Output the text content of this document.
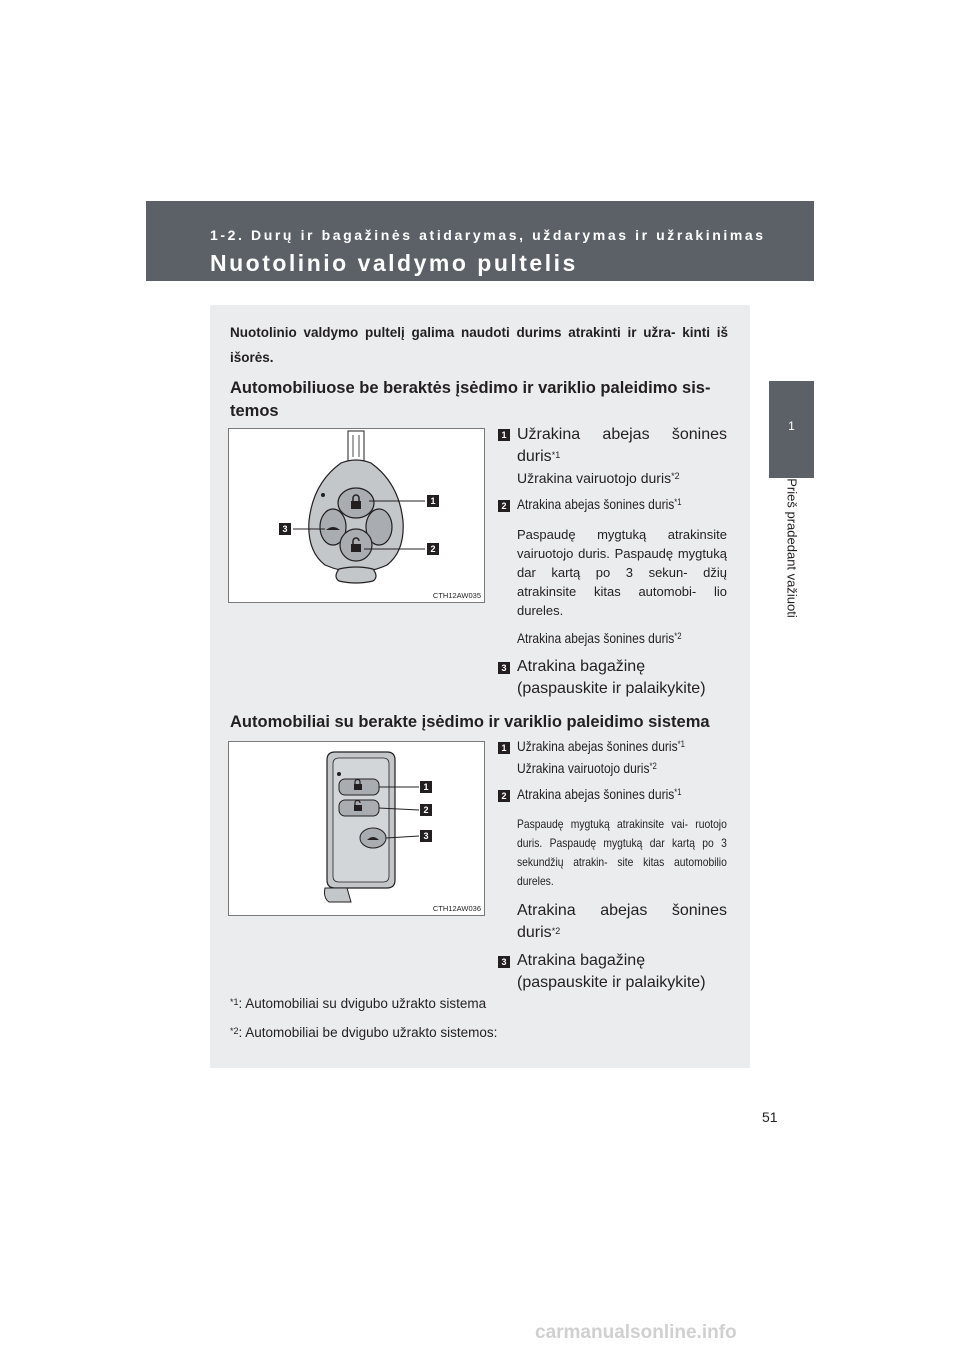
1-2. Durų ir bagažinės atidarymas, uždarymas ir užrakinimas
Nuotolinio valdymo pultelis
1
Prieš pradedant važiuoti
Nuotolinio valdymo pultelį galima naudoti durims atrakinti ir užra- kinti iš išorės.
Automobiliuose be beraktės įsėdimo ir variklio paleidimo sis- temos
1
2
3
CTH12AW035
1 Užrakina abejas šonines duris$^{*1}$
Užrakina vairuotojo duris$^{*2}$
2 Atrakina abejas šonines duris$^{*1}$
Paspaudę mygtuką atrakinsite vairuotojo duris. Paspaudę mygtuką dar kartą po 3 sekun- džių atrakinsite kitas automobi- lio dureles.
Atrakina abejas šonines duris$^{*2}$
3 Atrakina bagažinę
(paspauskite ir palaikykite)
Automobiliai su berakte įsėdimo ir variklio paleidimo sistema
1
2
3
CTH12AW036
1 Užrakina abejas šonines duris$^{*1}$
Užrakina vairuotojo duris$^{*2}$
2 Atrakina abejas šonines duris$^{*1}$
Paspaudę mygtuką atrakinsite vai- ruotojo duris. Paspaudę mygtuką dar kartą po 3 sekundžių atrakin- site kitas automobilio dureles.
Atrakina abejas šonines duris$^{*2}$
3 Atrakina bagažinę
(paspauskite ir palaikykite)
$^{*1}$: Automobiliai su dvigubo užrakto sistema
$^{*2}$: Automobiliai be dvigubo užrakto sistemos:
51
carmanualsonline.info
